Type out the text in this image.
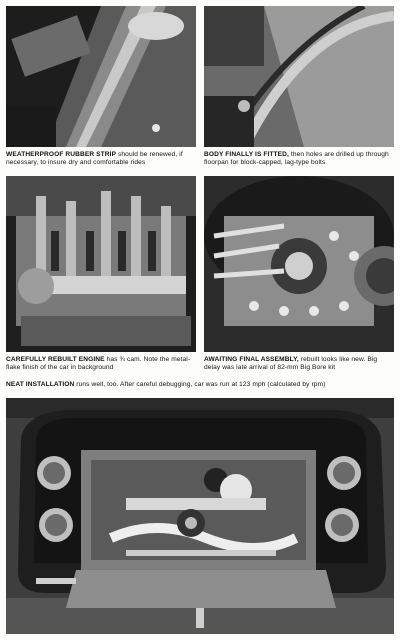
WEATHERPROOF RUBBER STRIP should be renewed, if necessary, to insure dry and comfortable rides
BODY FINALLY IS FITTED, then holes are drilled up through floorpan for block-capped, lag-type bolts
CAREFULLY REBUILT ENGINE has ¾ cam. Note the metal-flake finish of the car in background
AWAITING FINAL ASSEMBLY, rebuilt looks like new. Big delay was late arrival of 82-mm Big Bore kit
NEAT INSTALLATION runs well, too. After careful debugging, car was run at 123 mph (calculated by rpm)
